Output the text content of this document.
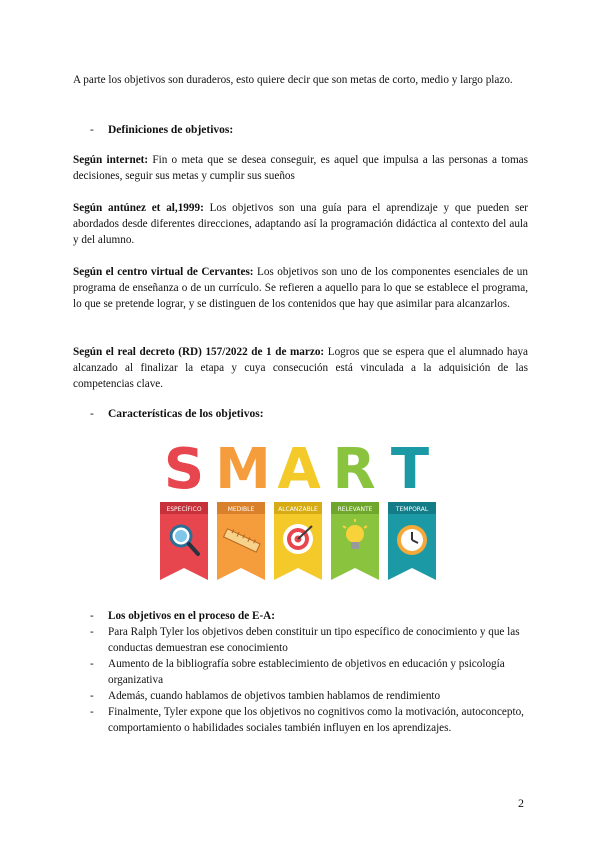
A parte los objetivos son duraderos, esto quiere decir que son metas de corto, medio y largo plazo.

- Definiciones de objetivos:

Según internet: Fin o meta que se desea conseguir, es aquel que impulsa a las personas a tomas decisiones, seguir sus metas y cumplir sus sueños

Según antúnez et al,1999: Los objetivos son una guía para el aprendizaje y que pueden ser abordados desde diferentes direcciones, adaptando así la programación didáctica al contexto del aula y del alumno.

Según el centro virtual de Cervantes: Los objetivos son uno de los componentes esenciales de un programa de enseñanza o de un currículo. Se refieren a aquello para lo que se establece el programa, lo que se pretende lograr, y se distinguen de los contenidos que hay que asimilar para alcanzarlos.

Según el real decreto (RD) 157/2022 de 1 de marzo: Logros que se espera que el alumnado haya alcanzado al finalizar la etapa y cuya consecución está vinculada a la adquisición de las competencias clave.

- Características de los objetivos:

S M A R T
ESPECÍFICO	MEDIBLE	ALCANZABLE	RELEVANTE	TEMPORAL
- Los objetivos en el proceso de E-A:
- Para Ralph Tyler los objetivos deben constituir un tipo específico de conocimiento y que las conductas demuestran ese conocimiento
- Aumento de la bibliografía sobre establecimiento de objetivos en educación y psicología organizativa
- Además, cuando hablamos de objetivos tambien hablamos de rendimiento
- Finalmente, Tyler expone que los objetivos no cognitivos como la motivación, autoconcepto, comportamiento o habilidades sociales también influyen en los aprendizajes.
2
